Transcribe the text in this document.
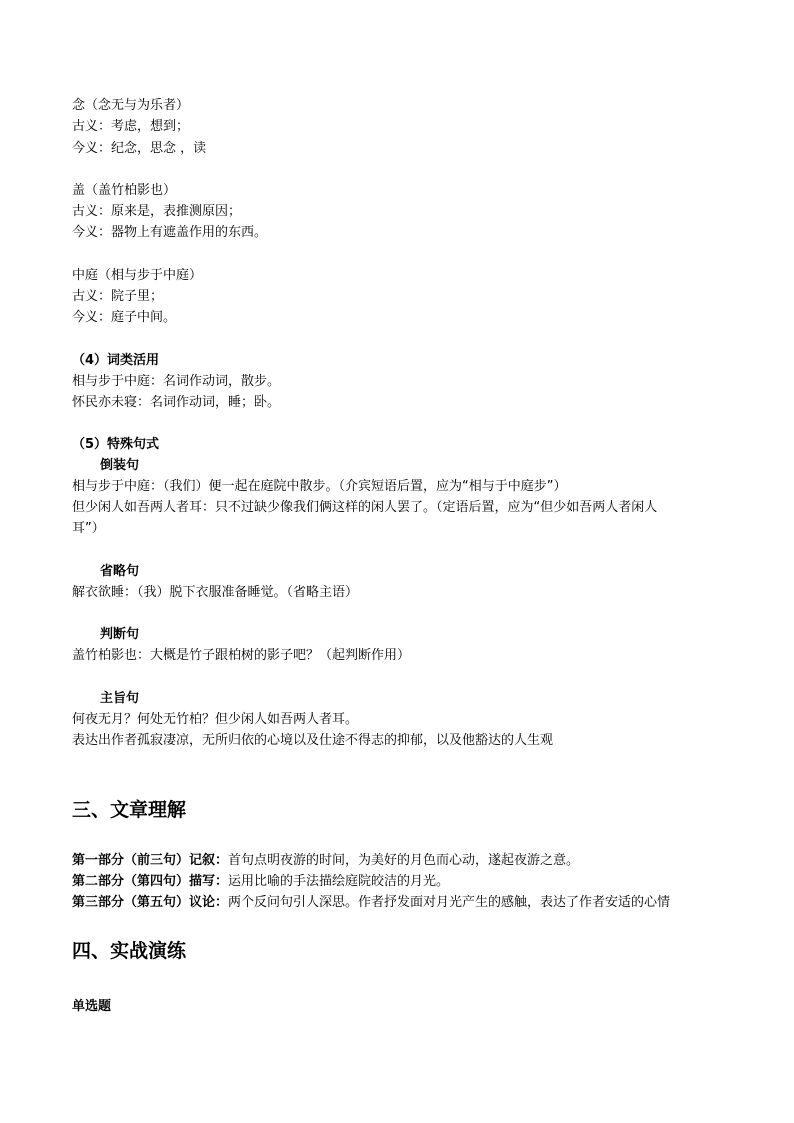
念（念无与为乐者）
古义：考虑，想到；
今义：纪念，思念 ，读
盖（盖竹柏影也）
古义：原来是，表推测原因；
今义：器物上有遮盖作用的东西。
中庭（相与步于中庭）
古义：院子里；
今义：庭子中间。
（4）词类活用
相与步于中庭：名词作动词，散步。
怀民亦未寝：名词作动词，睡；卧。
（5）特殊句式
倒装句
相与步于中庭：（我们）便一起在庭院中散步。（介宾短语后置，应为“相与于中庭步”）
但少闲人如吾两人者耳：只不过缺少像我们俩这样的闲人罢了。（定语后置，应为“但少如吾两人者闲人
耳”）
省略句
解衣欲睡：（我）脱下衣服准备睡觉。（省略主语）
判断句
盖竹柏影也：大概是竹子跟柏树的影子吧？（起判断作用）
主旨句
何夜无月？何处无竹柏？但少闲人如吾两人者耳。
表达出作者孤寂凄凉，无所归依的心境以及仕途不得志的抑郁，以及他豁达的人生观
三、文章理解
第一部分（前三句）记叙：首句点明夜游的时间，为美好的月色而心动，遂起夜游之意。
第二部分（第四句）描写：运用比喻的手法描绘庭院皎洁的月光。
第三部分（第五句）议论：两个反问句引人深思。作者抒发面对月光产生的感触，表达了作者安适的心情
四、实战演练
单选题
